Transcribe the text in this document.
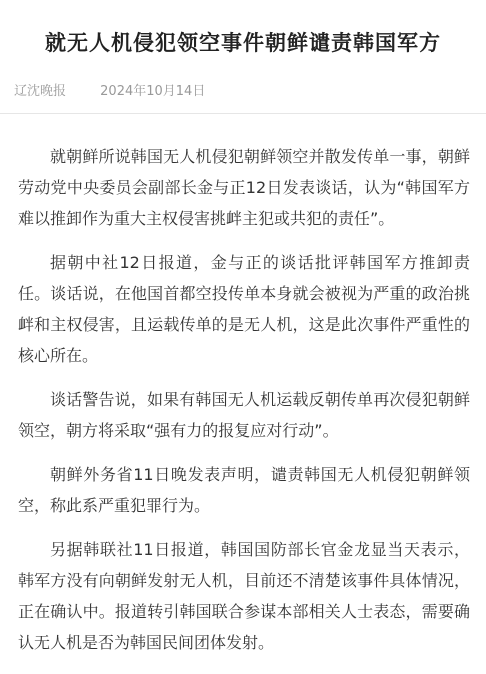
就无人机侵犯领空事件朝鲜谴责韩国军方
辽沈晚报	2024年10月14日

就朝鲜所说韩国无人机侵犯朝鲜领空并散发传单一事，朝鲜劳动党中央委员会副部长金与正12日发表谈话，认为“韩国军方难以推卸作为重大主权侵害挑衅主犯或共犯的责任”。

据朝中社12日报道，金与正的谈话批评韩国军方推卸责任。谈话说，在他国首都空投传单本身就会被视为严重的政治挑衅和主权侵害，且运载传单的是无人机，这是此次事件严重性的核心所在。

谈话警告说，如果有韩国无人机运载反朝传单再次侵犯朝鲜领空，朝方将采取“强有力的报复应对行动”。

朝鲜外务省11日晚发表声明，谴责韩国无人机侵犯朝鲜领空，称此系严重犯罪行为。

另据韩联社11日报道，韩国国防部长官金龙显当天表示，韩军方没有向朝鲜发射无人机，目前还不清楚该事件具体情况，正在确认中。报道转引韩国联合参谋本部相关人士表态，需要确认无人机是否为韩国民间团体发射。
